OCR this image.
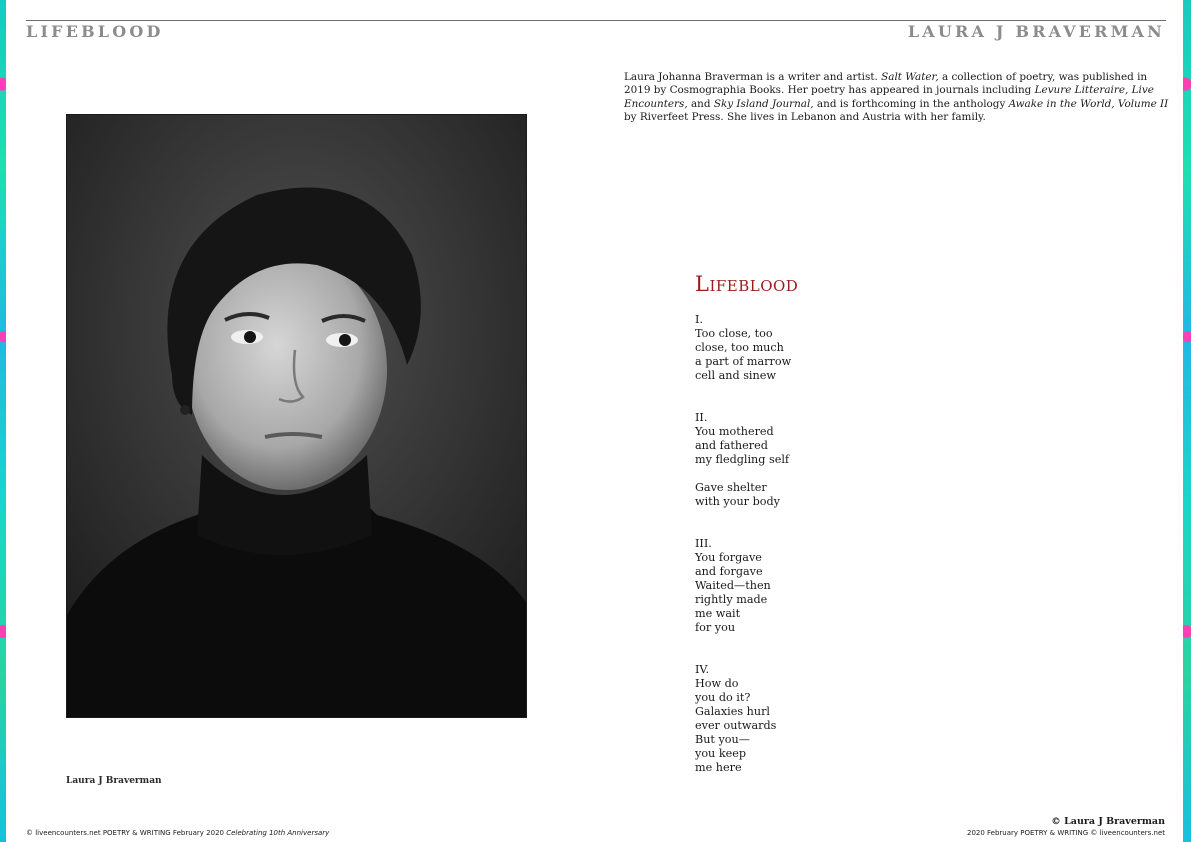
LIFEBLOOD	LAURA J BRAVERMAN
Laura J Braverman
Laura Johanna Braverman is a writer and artist. Salt Water, a collection of poetry, was published in 2019 by Cosmographia Books. Her poetry has appeared in journals including Levure Litteraire, Live Encounters, and Sky Island Journal, and is forthcoming in the anthology Awake in the World, Volume II by Riverfeet Press. She lives in Lebanon and Austria with her family.
Lifeblood
I.
Too close, too
close, too much
a part of marrow
cell and sinew
II.
You mothered
and fathered
my fledgling self
Gave shelter
with your body
III.
You forgave
and forgave
Waited—then
rightly made
me wait
for you
IV.
How do
you do it?
Galaxies hurl
ever outwards
But you—
you keep
me here
© liveencounters.net POETRY & WRITING February 2020 Celebrating 10th Anniversary
© Laura J Braverman
2020 February POETRY & WRITING © liveencounters.net
